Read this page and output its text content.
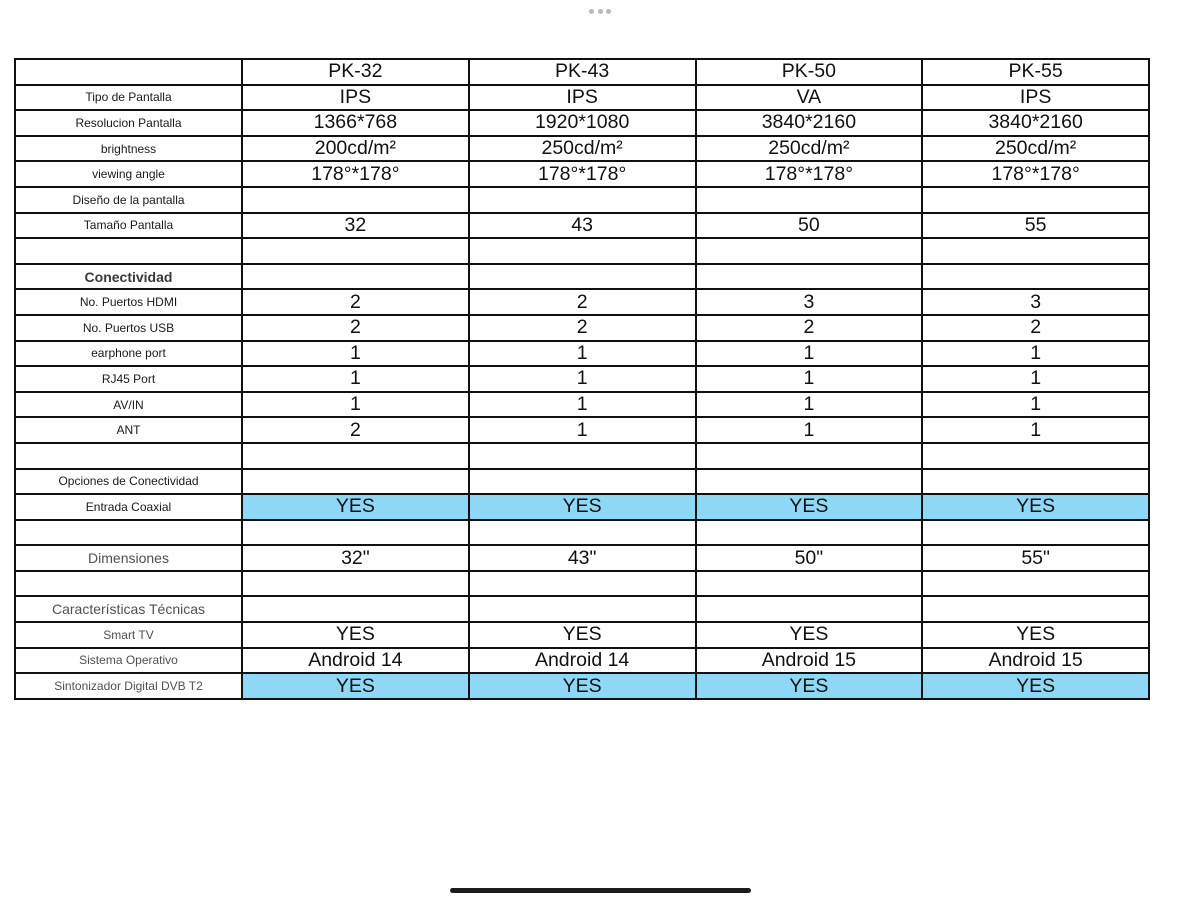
	PK-32	PK-43	PK-50	PK-55
Tipo de Pantalla	IPS	IPS	VA	IPS
Resolucion Pantalla	1366*768	1920*1080	3840*2160	3840*2160
brightness	200cd/m²	250cd/m²	250cd/m²	250cd/m²
viewing angle	178°*178°	178°*178°	178°*178°	178°*178°
Diseño de la pantalla				
Tamaño Pantalla	32	43	50	55

Conectividad				
No. Puertos HDMI	2	2	3	3
No. Puertos USB	2	2	2	2
earphone port	1	1	1	1
RJ45 Port	1	1	1	1
AV/IN	1	1	1	1
ANT	2	1	1	1

Opciones de Conectividad				
Entrada Coaxial	YES	YES	YES	YES

Dimensiones	32"	43"	50"	55"

Características Técnicas				
Smart TV	YES	YES	YES	YES
Sistema Operativo	Android 14	Android 14	Android 15	Android 15
Sintonizador Digital DVB T2	YES	YES	YES	YES
